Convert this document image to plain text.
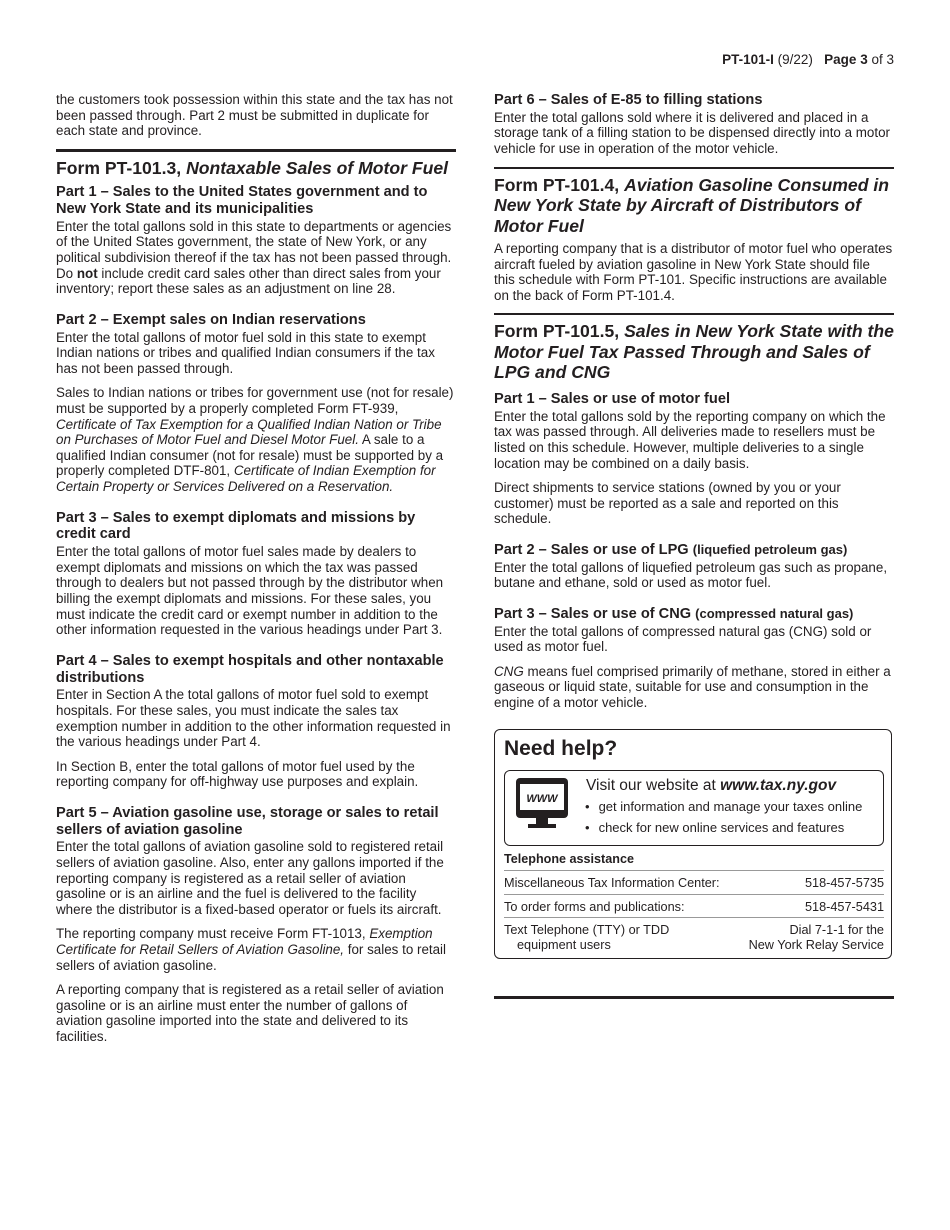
PT-101-I (9/22) Page 3 of 3

the customers took possession within this state and the tax has not been passed through. Part 2 must be submitted in duplicate for each state and province.

Form PT-101.3, Nontaxable Sales of Motor Fuel
Part 1 – Sales to the United States government and to New York State and its municipalities

Enter the total gallons sold in this state to departments or agencies of the United States government, the state of New York, or any political subdivision thereof if the tax has not been passed through. Do not include credit card sales other than direct sales from your inventory; report these sales as an adjustment on line 28.

Part 2 – Exempt sales on Indian reservations

Enter the total gallons of motor fuel sold in this state to exempt Indian nations or tribes and qualified Indian consumers if the tax has not been passed through.

Sales to Indian nations or tribes for government use (not for resale) must be supported by a properly completed Form FT-939, Certificate of Tax Exemption for a Qualified Indian Nation or Tribe on Purchases of Motor Fuel and Diesel Motor Fuel. A sale to a qualified Indian consumer (not for resale) must be supported by a properly completed DTF-801, Certificate of Indian Exemption for Certain Property or Services Delivered on a Reservation.

Part 3 – Sales to exempt diplomats and missions by credit card

Enter the total gallons of motor fuel sales made by dealers to exempt diplomats and missions on which the tax was passed through to dealers but not passed through by the distributor when billing the exempt diplomats and missions. For these sales, you must indicate the credit card or exempt number in addition to the other information requested in the various headings under Part 3.

Part 4 – Sales to exempt hospitals and other nontaxable distributions

Enter in Section A the total gallons of motor fuel sold to exempt hospitals. For these sales, you must indicate the sales tax exemption number in addition to the other information requested in the various headings under Part 4.

In Section B, enter the total gallons of motor fuel used by the reporting company for off-highway use purposes and explain.

Part 5 – Aviation gasoline use, storage or sales to retail sellers of aviation gasoline

Enter the total gallons of aviation gasoline sold to registered retail sellers of aviation gasoline. Also, enter any gallons imported if the reporting company is registered as a retail seller of aviation gasoline or is an airline and the fuel is delivered to the facility where the distributor is a fixed-based operator or fuels its aircraft.

The reporting company must receive Form FT-1013, Exemption Certificate for Retail Sellers of Aviation Gasoline, for sales to retail sellers of aviation gasoline.

A reporting company that is registered as a retail seller of aviation gasoline or is an airline must enter the number of gallons of aviation gasoline imported into the state and delivered to its facilities.

Part 6 – Sales of E-85 to filling stations

Enter the total gallons sold where it is delivered and placed in a storage tank of a filling station to be dispensed directly into a motor vehicle for use in operation of the motor vehicle.

Form PT-101.4, Aviation Gasoline Consumed in New York State by Aircraft of Distributors of Motor Fuel

A reporting company that is a distributor of motor fuel who operates aircraft fueled by aviation gasoline in New York State should file this schedule with Form PT-101. Specific instructions are available on the back of Form PT-101.4.

Form PT-101.5, Sales in New York State with the Motor Fuel Tax Passed Through and Sales of LPG and CNG
Part 1 – Sales or use of motor fuel

Enter the total gallons sold by the reporting company on which the tax was passed through. All deliveries made to resellers must be listed on this schedule. However, multiple deliveries to a single location may be combined on a daily basis.

Direct shipments to service stations (owned by you or your customer) must be reported as a sale and reported on this schedule.

Part 2 – Sales or use of LPG (liquefied petroleum gas)

Enter the total gallons of liquefied petroleum gas such as propane, butane and ethane, sold or used as motor fuel.

Part 3 – Sales or use of CNG (compressed natural gas)

Enter the total gallons of compressed natural gas (CNG) sold or used as motor fuel.

CNG means fuel comprised primarily of methane, stored in either a gaseous or liquid state, suitable for use and consumption in the engine of a motor vehicle.

Need help?
WWW
Visit our website at www.tax.ny.gov
• get information and manage your taxes online
• check for new online services and features
Telephone assistance
Miscellaneous Tax Information Center:	518-457-5735
To order forms and publications:	518-457-5431
Text Telephone (TTY) or TDD
equipment users
Dial 7-1-1 for the
New York Relay Service
